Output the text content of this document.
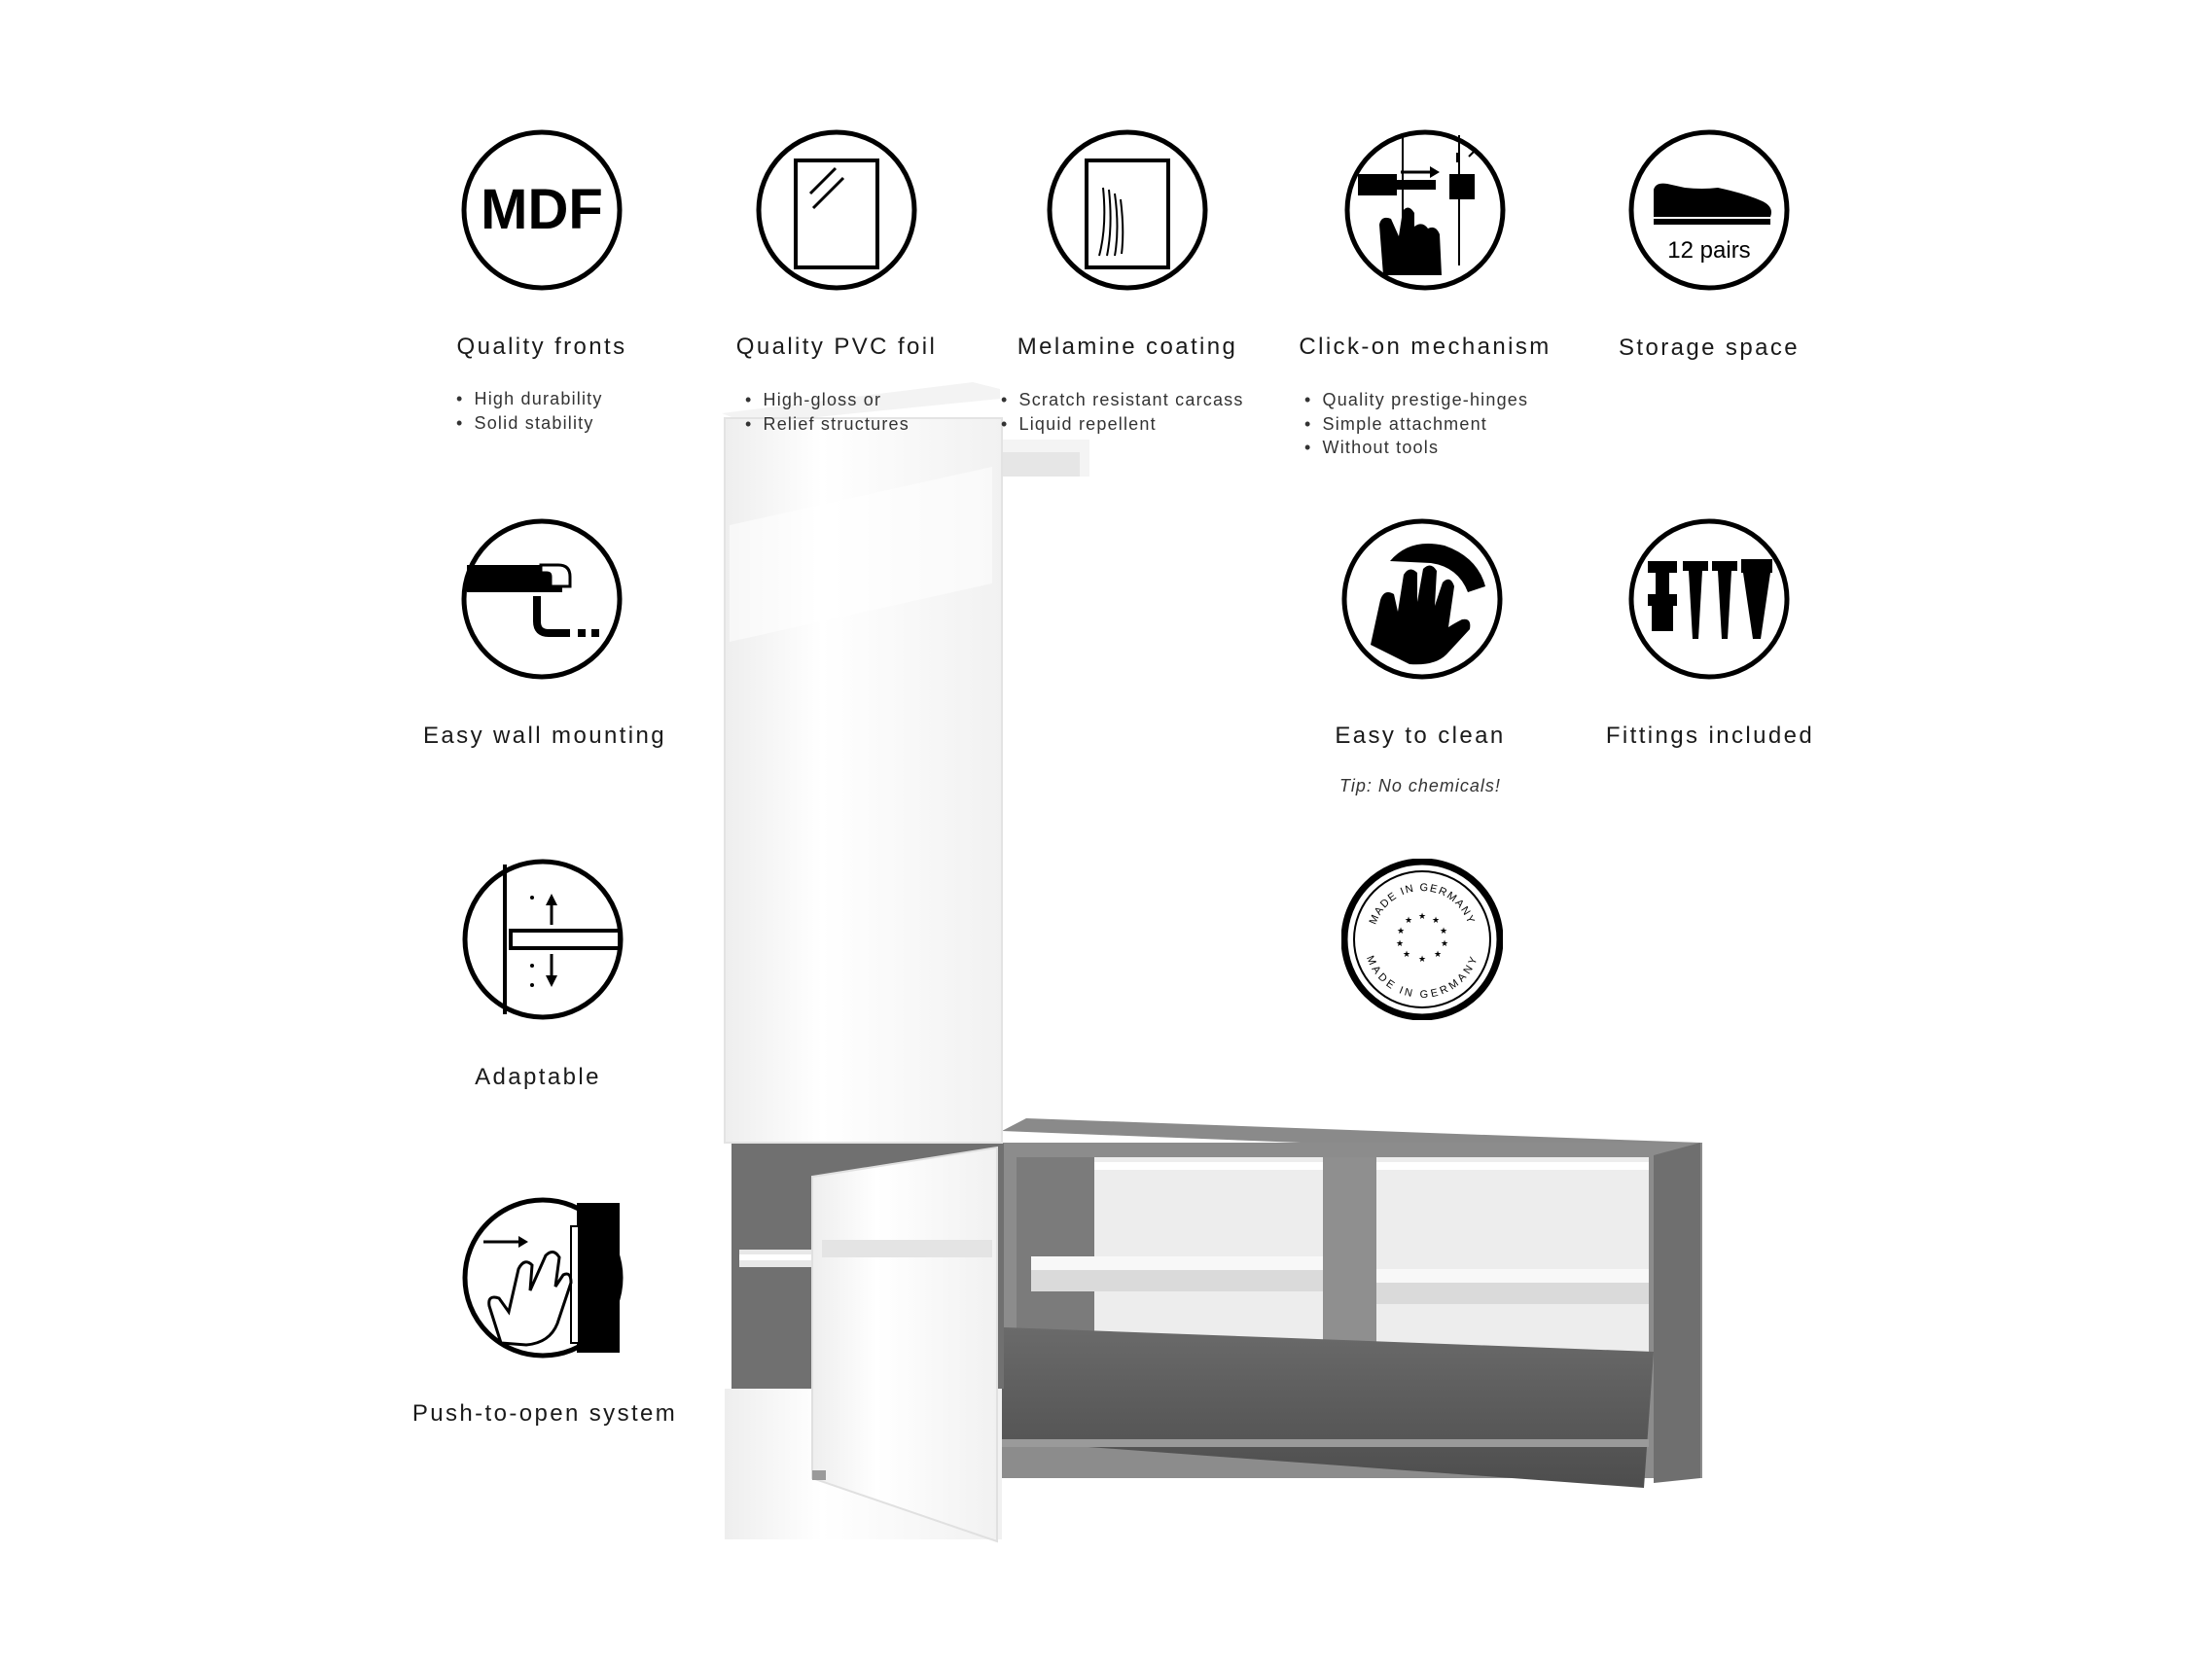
MDF
Quality fronts
• High durability
• Solid stability
Quality PVC foil
• High-gloss or
• Relief structures
Melamine coating
• Scratch resistant carcass
• Liquid repellent
Click-on mechanism
• Quality prestige-hinges
• Simple attachment
• Without tools
12 pairs
Storage space
Easy wall mounting	Easy to clean
Tip: No chemicals!
Fittings included
Adaptable
MADE IN GERMANY
MADE IN GERMANY
★ ★
★
★
★
★
★
★
★
★
Push-to-open system
